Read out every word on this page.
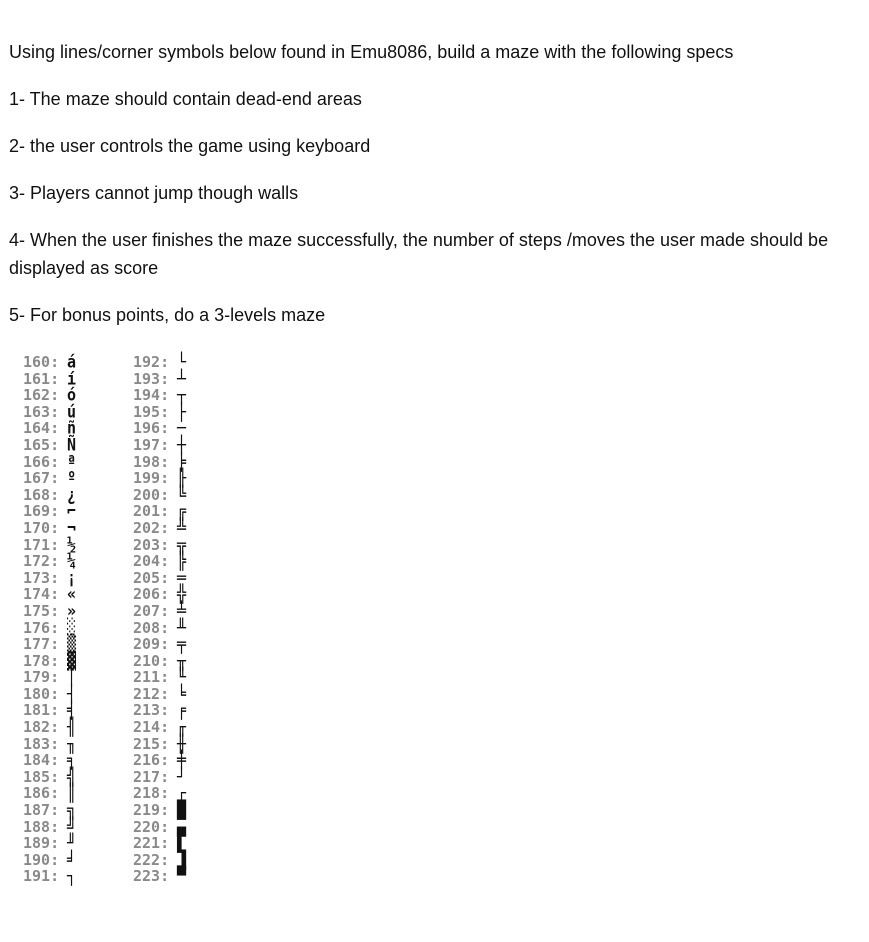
Using lines/corner symbols below found in Emu8086, build a maze with the following specs

1- The maze should contain dead-end areas

2- the user controls the game using keyboard

3- Players cannot jump though walls

4- When the user finishes the maze successfully, the number of steps /moves the user made should be displayed as score

5- For bonus points, do a 3-levels maze

160: á
161: í
162: ó
163: ú
164: ñ
165: Ñ
166: ª
167: º
168: ¿
169: ⌐
170: ¬
171: ½
172: ¼
173: ¡
174: «
175: »
176: ░
177: ▒
178: ▓
179: │
180: ┤
181: ╡
182: ╢
183: ╖
184: ╕
185: ╣
186: ║
187: ╗
188: ╝
189: ╜
190: ╛
191: ┐
192: └
193: ┴
194: ┬
195: ├
196: ─
197: ┼
198: ╞
199: ╟
200: ╚
201: ╔
202: ╩
203: ╦
204: ╠
205: ═
206: ╬
207: ╧
208: ╨
209: ╤
210: ╥
211: ╙
212: ╘
213: ╒
214: ╓
215: ╫
216: ╪
217: ┘
218: ┌
219: █
220: ▄
221: ▌
222: ▐
223: ▀
